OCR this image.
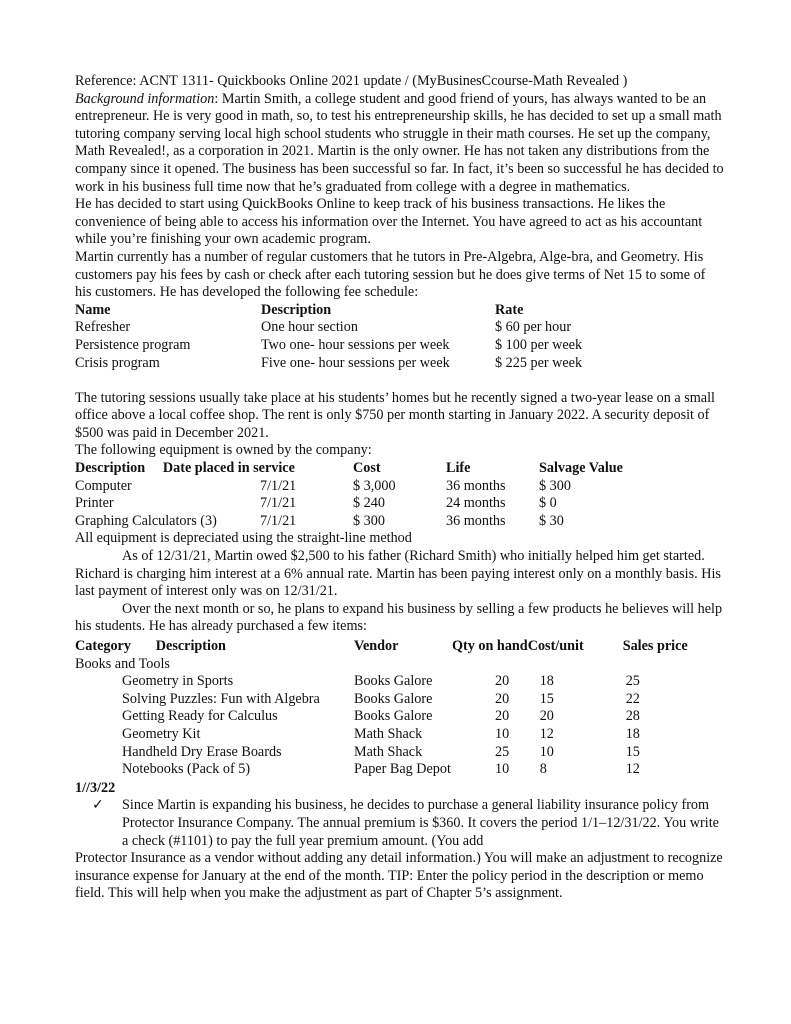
Reference: ACNT 1311- Quickbooks Online 2021 update / (MyBusinesCcourse-Math Revealed )

Background information: Martin Smith, a college student and good friend of yours, has always wanted to be an entrepreneur. He is very good in math, so, to test his entrepreneurship skills, he has decided to set up a small math tutoring company serving local high school students who struggle in their math courses. He set up the company, Math Revealed!, as a corporation in 2021. Martin is the only owner. He has not taken any distributions from the company since it opened. The business has been successful so far. In fact, it’s been so successful he has decided to work in his business full time now that he’s graduated from college with a degree in mathematics.

He has decided to start using QuickBooks Online to keep track of his business transactions. He likes the convenience of being able to access his information over the Internet. You have agreed to act as his accountant while you’re finishing your own academic program.

Martin currently has a number of regular customers that he tutors in Pre-Algebra, Alge-bra, and Geometry. His customers pay his fees by cash or check after each tutoring session but he does give terms of Net 15 to some of his customers. He has developed the following fee schedule:

Name	Description	Rate
Refresher	One hour section	$ 60 per hour
Persistence program	Two one- hour sessions per week	$ 100 per week
Crisis program	Five one- hour sessions per week	$ 225 per week

The tutoring sessions usually take place at his students’ homes but he recently signed a two-year lease on a small office above a local coffee shop. The rent is only $750 per month starting in January 2022. A security deposit of $500 was paid in December 2021.

The following equipment is owned by the company:

Description Date placed in service		Cost	Life	Salvage Value
Computer	7/1/21	$ 3,000	36 months	$ 300
Printer	7/1/21	$ 240	24 months	$ 0
Graphing Calculators (3)	7/1/21	$ 300	36 months	$ 30

All equipment is depreciated using the straight-line method

As of 12/31/21, Martin owed $2,500 to his father (Richard Smith) who initially helped him get started. Richard is charging him interest at a 6% annual rate. Martin has been paying interest only on a monthly basis. His last payment of interest only was on 12/31/21.

Over the next month or so, he plans to expand his business by selling a few products he believes will help his students. He has already purchased a few items:

Category Description		Vendor	Qty on hand	Cost/unit	Sales price
Books and Tools					
	Geometry in Sports	Books Galore	20	18	25
	Solving Puzzles: Fun with Algebra	Books Galore	20	15	22
	Getting Ready for Calculus	Books Galore	20	20	28
	Geometry Kit	Math Shack	10	12	18
	Handheld Dry Erase Boards	Math Shack	25	10	15
	Notebooks (Pack of 5)	Paper Bag Depot	10	8	12

1//3/22

✓ Since Martin is expanding his business, he decides to purchase a general liability insurance policy from Protector Insurance Company. The annual premium is $360. It covers the period 1/1–12/31/22. You write a check (#1101) to pay the full year premium amount. (You add

Protector Insurance as a vendor without adding any detail information.) You will make an adjustment to recognize insurance expense for January at the end of the month. TIP: Enter the policy period in the description or memo field. This will help when you make the adjustment as part of Chapter 5’s assignment.
